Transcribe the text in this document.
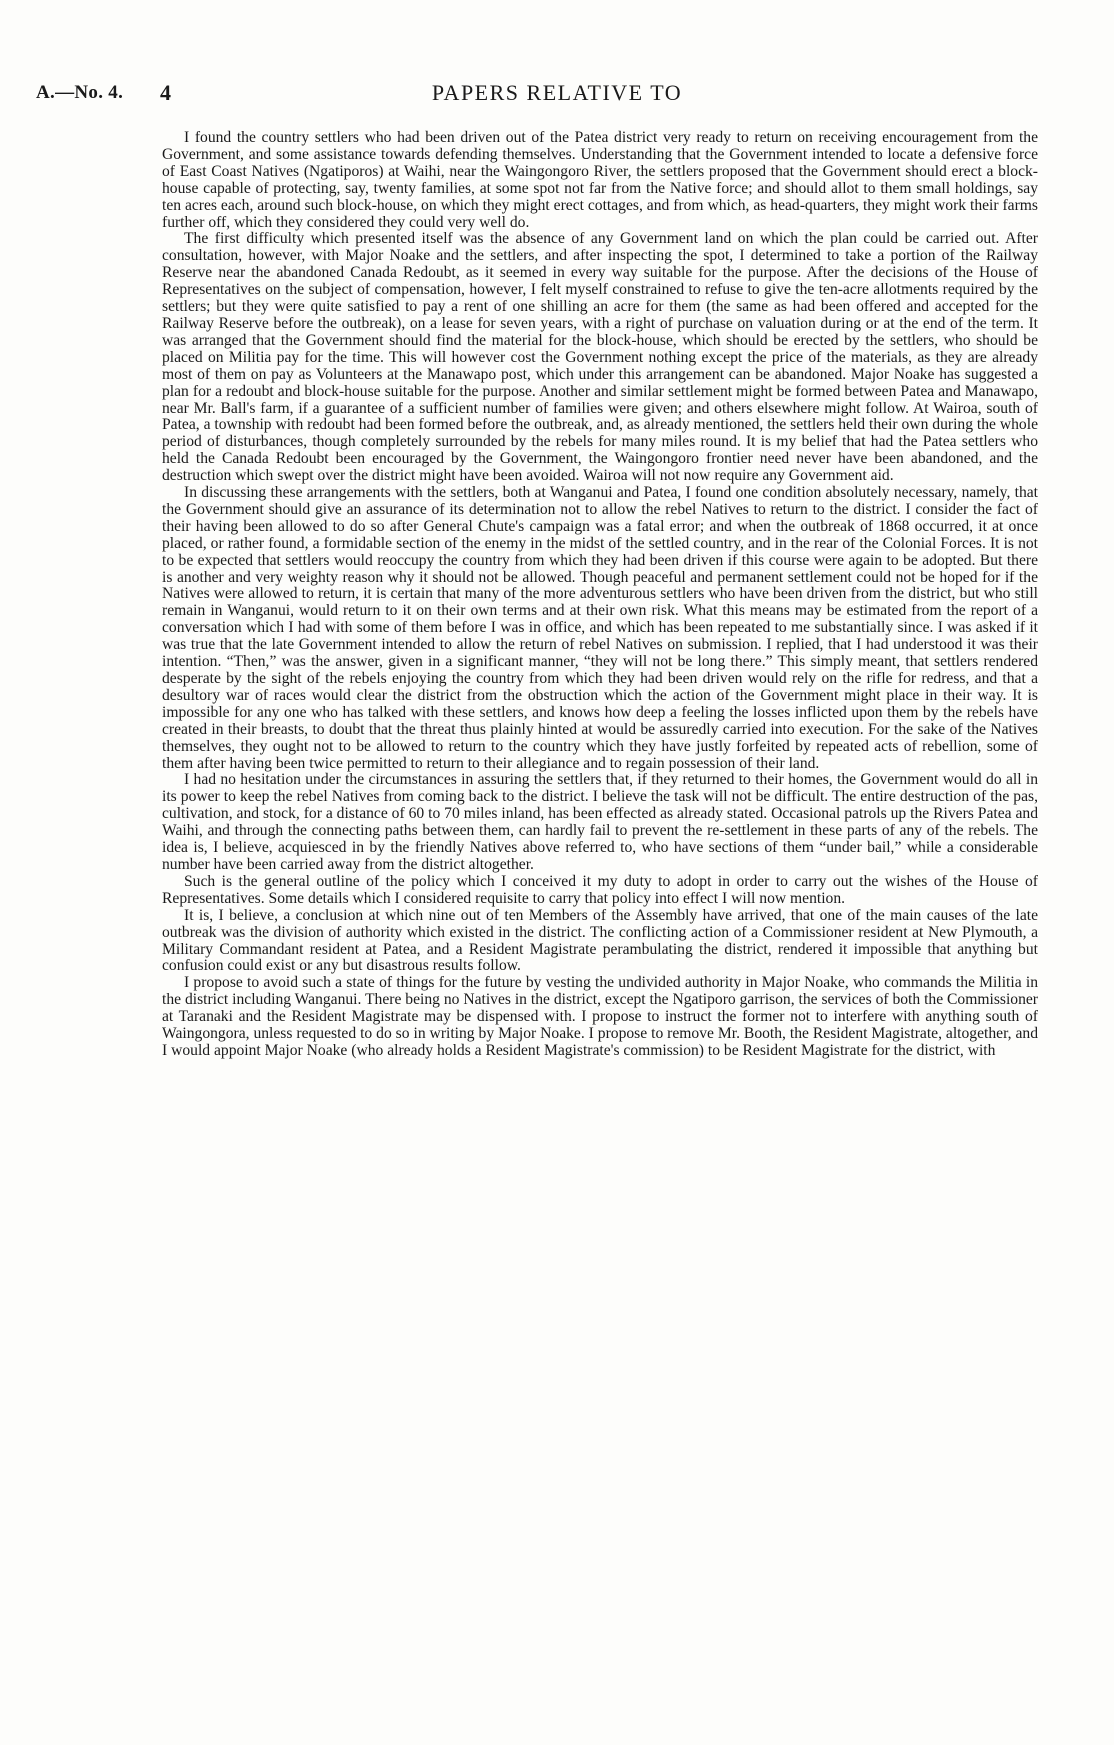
A.—No. 4. 4	PAPERS RELATIVE TO

I found the country settlers who had been driven out of the Patea district very ready to return on receiving encouragement from the Government, and some assistance towards defending themselves. Understanding that the Government intended to locate a defensive force of East Coast Natives (Ngatiporos) at Waihi, near the Waingongoro River, the settlers proposed that the Government should erect a block-house capable of protecting, say, twenty families, at some spot not far from the Native force; and should allot to them small holdings, say ten acres each, around such block-house, on which they might erect cottages, and from which, as head-quarters, they might work their farms further off, which they considered they could very well do.

The first difficulty which presented itself was the absence of any Government land on which the plan could be carried out. After consultation, however, with Major Noake and the settlers, and after inspecting the spot, I determined to take a portion of the Railway Reserve near the abandoned Canada Redoubt, as it seemed in every way suitable for the purpose. After the decisions of the House of Representatives on the subject of compensation, however, I felt myself constrained to refuse to give the ten-acre allotments required by the settlers; but they were quite satisfied to pay a rent of one shilling an acre for them (the same as had been offered and accepted for the Railway Reserve before the outbreak), on a lease for seven years, with a right of purchase on valuation during or at the end of the term. It was arranged that the Government should find the material for the block-house, which should be erected by the settlers, who should be placed on Militia pay for the time. This will however cost the Government nothing except the price of the materials, as they are already most of them on pay as Volunteers at the Manawapo post, which under this arrangement can be abandoned. Major Noake has suggested a plan for a redoubt and block-house suitable for the purpose. Another and similar settlement might be formed between Patea and Manawapo, near Mr. Ball's farm, if a guarantee of a sufficient number of families were given; and others elsewhere might follow. At Wairoa, south of Patea, a township with redoubt had been formed before the outbreak, and, as already mentioned, the settlers held their own during the whole period of disturbances, though completely surrounded by the rebels for many miles round. It is my belief that had the Patea settlers who held the Canada Redoubt been encouraged by the Government, the Waingongoro frontier need never have been abandoned, and the destruction which swept over the district might have been avoided. Wairoa will not now require any Government aid.

In discussing these arrangements with the settlers, both at Wanganui and Patea, I found one condition absolutely necessary, namely, that the Government should give an assurance of its determination not to allow the rebel Natives to return to the district. I consider the fact of their having been allowed to do so after General Chute's campaign was a fatal error; and when the outbreak of 1868 occurred, it at once placed, or rather found, a formidable section of the enemy in the midst of the settled country, and in the rear of the Colonial Forces. It is not to be expected that settlers would reoccupy the country from which they had been driven if this course were again to be adopted. But there is another and very weighty reason why it should not be allowed. Though peaceful and permanent settlement could not be hoped for if the Natives were allowed to return, it is certain that many of the more adventurous settlers who have been driven from the district, but who still remain in Wanganui, would return to it on their own terms and at their own risk. What this means may be estimated from the report of a conversation which I had with some of them before I was in office, and which has been repeated to me substantially since. I was asked if it was true that the late Government intended to allow the return of rebel Natives on submission. I replied, that I had understood it was their intention. “Then,” was the answer, given in a significant manner, “they will not be long there.” This simply meant, that settlers rendered desperate by the sight of the rebels enjoying the country from which they had been driven would rely on the rifle for redress, and that a desultory war of races would clear the district from the obstruction which the action of the Government might place in their way. It is impossible for any one who has talked with these settlers, and knows how deep a feeling the losses inflicted upon them by the rebels have created in their breasts, to doubt that the threat thus plainly hinted at would be assuredly carried into execution. For the sake of the Natives themselves, they ought not to be allowed to return to the country which they have justly forfeited by repeated acts of rebellion, some of them after having been twice permitted to return to their allegiance and to regain possession of their land.

I had no hesitation under the circumstances in assuring the settlers that, if they returned to their homes, the Government would do all in its power to keep the rebel Natives from coming back to the district. I believe the task will not be difficult. The entire destruction of the pas, cultivation, and stock, for a distance of 60 to 70 miles inland, has been effected as already stated. Occasional patrols up the Rivers Patea and Waihi, and through the connecting paths between them, can hardly fail to prevent the re-settlement in these parts of any of the rebels. The idea is, I believe, acquiesced in by the friendly Natives above referred to, who have sections of them “under bail,” while a considerable number have been carried away from the district altogether.

Such is the general outline of the policy which I conceived it my duty to adopt in order to carry out the wishes of the House of Representatives. Some details which I considered requisite to carry that policy into effect I will now mention.

It is, I believe, a conclusion at which nine out of ten Members of the Assembly have arrived, that one of the main causes of the late outbreak was the division of authority which existed in the district. The conflicting action of a Commissioner resident at New Plymouth, a Military Commandant resident at Patea, and a Resident Magistrate perambulating the district, rendered it impossible that anything but confusion could exist or any but disastrous results follow.

I propose to avoid such a state of things for the future by vesting the undivided authority in Major Noake, who commands the Militia in the district including Wanganui. There being no Natives in the district, except the Ngatiporo garrison, the services of both the Commissioner at Taranaki and the Resident Magistrate may be dispensed with. I propose to instruct the former not to interfere with anything south of Waingongora, unless requested to do so in writing by Major Noake. I propose to remove Mr. Booth, the Resident Magistrate, altogether, and I would appoint Major Noake (who already holds a Resident Magistrate's commission) to be Resident Magistrate for the district, with
